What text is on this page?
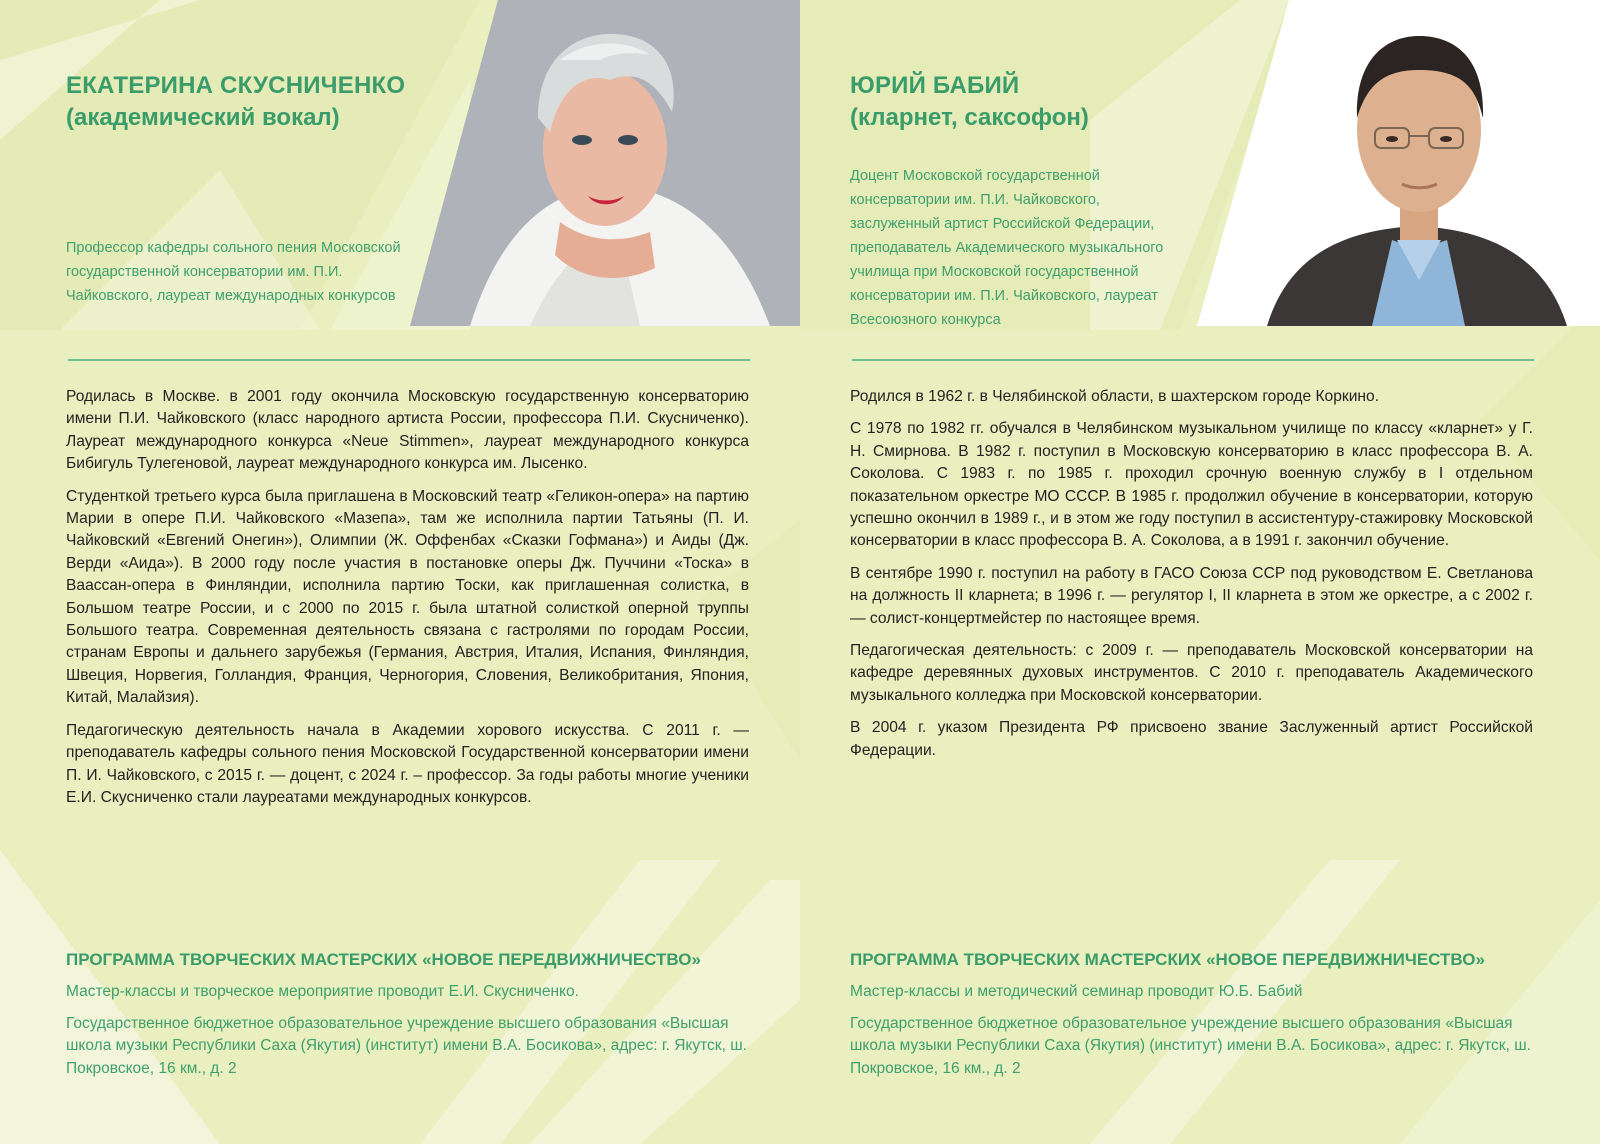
ЕКАТЕРИНА СКУСНИЧЕНКО
(академический вокал)

Профессор кафедры сольного пения Московской государственной консерватории им. П.И. Чайковского, лауреат международных конкурсов

Родилась в Москве. в 2001 году окончила Московскую государственную консерваторию имени П.И. Чайковского (класс народного артиста России, профессора П.И. Скусниченко). Лауреат международного конкурса «Neue Stimmen», лауреат международного конкурса Бибигуль Тулегеновой, лауреат международного конкурса им. Лысенко.

Студенткой третьего курса была приглашена в Московский театр «Геликон-опера» на партию Марии в опере П.И. Чайковского «Мазепа», там же исполнила партии Татьяны (П. И. Чайковский «Евгений Онегин»), Олимпии (Ж. Оффенбах «Сказки Гофмана») и Аиды (Дж. Верди «Аида»). В 2000 году после участия в постановке оперы Дж. Пуччини «Тоска» в Ваассан-опера в Финляндии, исполнила партию Тоски, как приглашенная солистка, в Большом театре России, и с 2000 по 2015 г. была штатной солисткой оперной труппы Большого театра. Современная деятельность связана с гастролями по городам России, странам Европы и дальнего зарубежья (Германия, Австрия, Италия, Испания, Финляндия, Швеция, Норвегия, Голландия, Франция, Черногория, Словения, Великобритания, Япония, Китай, Малайзия).

Педагогическую деятельность начала в Академии хорового искусства. С 2011 г. — преподаватель кафедры сольного пения Московской Государственной консерватории имени П. И. Чайковского, с 2015 г. — доцент, с 2024 г. – профессор. За годы работы многие ученики Е.И. Скусниченко стали лауреатами международных конкурсов.

ПРОГРАММА ТВОРЧЕСКИХ МАСТЕРСКИХ «НОВОЕ ПЕРЕДВИЖНИЧЕСТВО»

Мастер-классы и творческое мероприятие проводит Е.И. Скусниченко.

Государственное бюджетное образовательное учреждение высшего образования «Высшая школа музыки Республики Саха (Якутия) (институт) имени В.А. Босикова», адрес: г. Якутск, ш. Покровское, 16 км., д. 2

ЮРИЙ БАБИЙ
(кларнет, саксофон)

Доцент Московской государственной консерватории им. П.И. Чайковского, заслуженный артист Российской Федерации, преподаватель Академического музыкального училища при Московской государственной консерватории им. П.И. Чайковского, лауреат Всесоюзного конкурса

Родился в 1962 г. в Челябинской области, в шахтерском городе Коркино.

С 1978 по 1982 гг. обучался в Челябинском музыкальном училище по классу «кларнет» у Г. Н. Смирнова. В 1982 г. поступил в Московскую консерваторию в класс профессора В. А. Соколова. С 1983 г. по 1985 г. проходил срочную военную службу в I отдельном показательном оркестре МО СССР. В 1985 г. продолжил обучение в консерватории, которую успешно окончил в 1989 г., и в этом же году поступил в ассистентуру-стажировку Московской консерватории в класс профессора В. А. Соколова, а в 1991 г. закончил обучение.

В сентябре 1990 г. поступил на работу в ГАСО Союза ССР под руководством Е. Светланова на должность II кларнета; в 1996 г. — регулятор I, II кларнета в этом же оркестре, а с 2002 г. — солист-концертмейстер по настоящее время.

Педагогическая деятельность: с 2009 г. — преподаватель Московской консерватории на кафедре деревянных духовых инструментов. С 2010 г. преподаватель Академического музыкального колледжа при Московской консерватории.

В 2004 г. указом Президента РФ присвоено звание Заслуженный артист Российской Федерации.

ПРОГРАММА ТВОРЧЕСКИХ МАСТЕРСКИХ «НОВОЕ ПЕРЕДВИЖНИЧЕСТВО»

Мастер-классы и методический семинар проводит Ю.Б. Бабий

Государственное бюджетное образовательное учреждение высшего образования «Высшая школа музыки Республики Саха (Якутия) (институт) имени В.А. Босикова», адрес: г. Якутск, ш. Покровское, 16 км., д. 2
